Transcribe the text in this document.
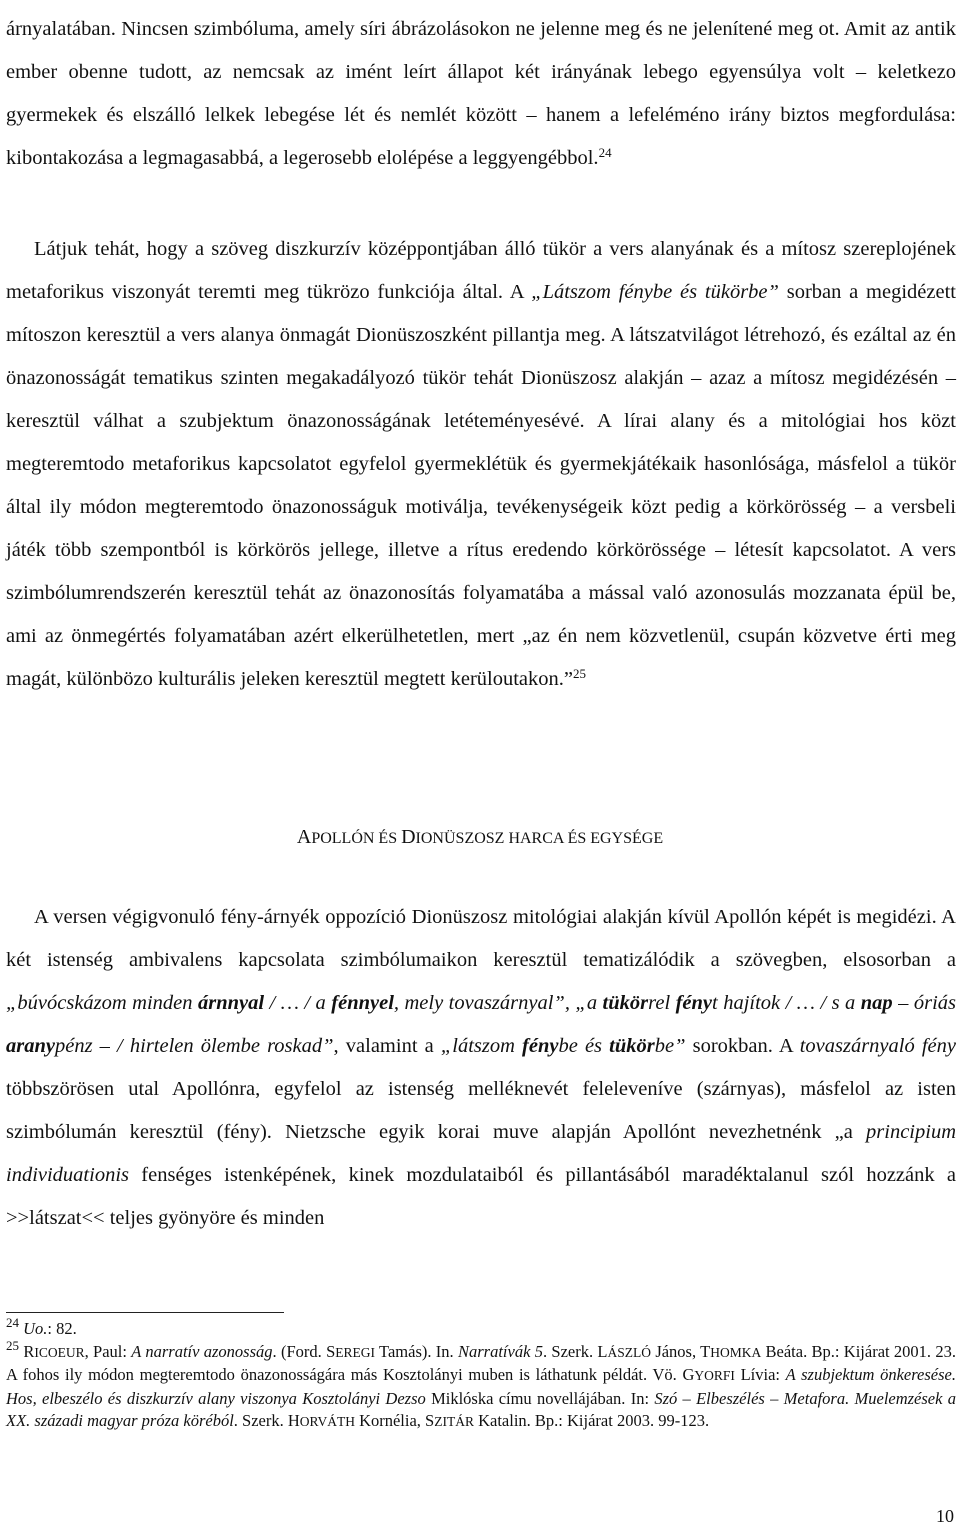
árnyalatában. Nincsen szimbóluma, amely síri ábrázolásokon ne jelenne meg és ne jelenítené meg ot. Amit az antik ember obenne tudott, az nemcsak az imént leírt állapot két irányának lebego egyensúlya volt – keletkezo gyermekek és elszálló lelkek lebegése lét és nemlét között – hanem a lefeléméno irány biztos megfordulása: kibontakozása a legmagasabbá, a legerosebb elolépése a leggyengébbol.$^{24}$

Látjuk tehát, hogy a szöveg diszkurzív középpontjában álló tükör a vers alanyának és a mítosz szereplojének metaforikus viszonyát teremti meg tükrözo funkciója által. A „Látszom fénybe és tükörbe” sorban a megidézett mítoszon keresztül a vers alanya önmagát Dionüszoszként pillantja meg. A látszatvilágot létrehozó, és ezáltal az én önazonosságát tematikus szinten megakadályozó tükör tehát Dionüszosz alakján – azaz a mítosz megidézésén – keresztül válhat a szubjektum önazonosságának letéteményesévé. A lírai alany és a mitológiai hos közt megteremtodo metaforikus kapcsolatot egyfelol gyermeklétük és gyermekjátékaik hasonlósága, másfelol a tükör által ily módon megteremtodo önazonosságuk motiválja, tevékenységeik közt pedig a körkörösség – a versbeli játék több szempontból is körkörös jellege, illetve a rítus eredendo körkörössége – létesít kapcsolatot. A vers szimbólumrendszerén keresztül tehát az önazonosítás folyamatába a mással való azonosulás mozzanata épül be, ami az önmegértés folyamatában azért elkerülhetetlen, mert „az én nem közvetlenül, csupán közvetve érti meg magát, különbözo kulturális jeleken keresztül megtett kerüloutakon.”$^{25}$

APOLLÓN ÉS DIONÜSZOSZ HARCA ÉS EGYSÉGE

A versen végigvonuló fény-árnyék oppozíció Dionüszosz mitológiai alakján kívül Apollón képét is megidézi. A két istenség ambivalens kapcsolata szimbólumaikon keresztül tematizálódik a szövegben, elsosorban a „búvócskázom minden árnnyal / … / a fénnyel, mely tovaszárnyal”, „a tükörrel fényt hajítok / … / s a nap – óriás aranypénz – / hirtelen ölembe roskad”, valamint a „látszom fénybe és tükörbe” sorokban. A tovaszárnyaló fény többszörösen utal Apollónra, egyfelol az istenség melléknevét feleleveníve (szárnyas), másfelol az isten szimbólumán keresztül (fény). Nietzsche egyik korai muve alapján Apollónt nevezhetnénk „a principium individuationis fenséges istenképének, kinek mozdulataiból és pillantásából maradéktalanul szól hozzánk a >>látszat<< teljes gyönyöre és minden

$^{24}$ Uo.: 82.

$^{25}$ RICOEUR, Paul: A narratív azonosság. (Ford. SEREGI Tamás). In. Narratívák 5. Szerk. LÁSZLÓ János, THOMKA Beáta. Bp.: Kijárat 2001. 23. A fohos ily módon megteremtodo önazonosságára más Kosztolányi muben is láthatunk példát. Vö. GYORFI Lívia: A szubjektum önkeresése. Hos, elbeszélo és diszkurzív alany viszonya Kosztolányi Dezso Miklóska címu novellájában. In: Szó – Elbeszélés – Metafora. Muelemzések a XX. századi magyar próza köréból. Szerk. HORVÁTH Kornélia, SZITÁR Katalin. Bp.: Kijárat 2003. 99-123.

10
